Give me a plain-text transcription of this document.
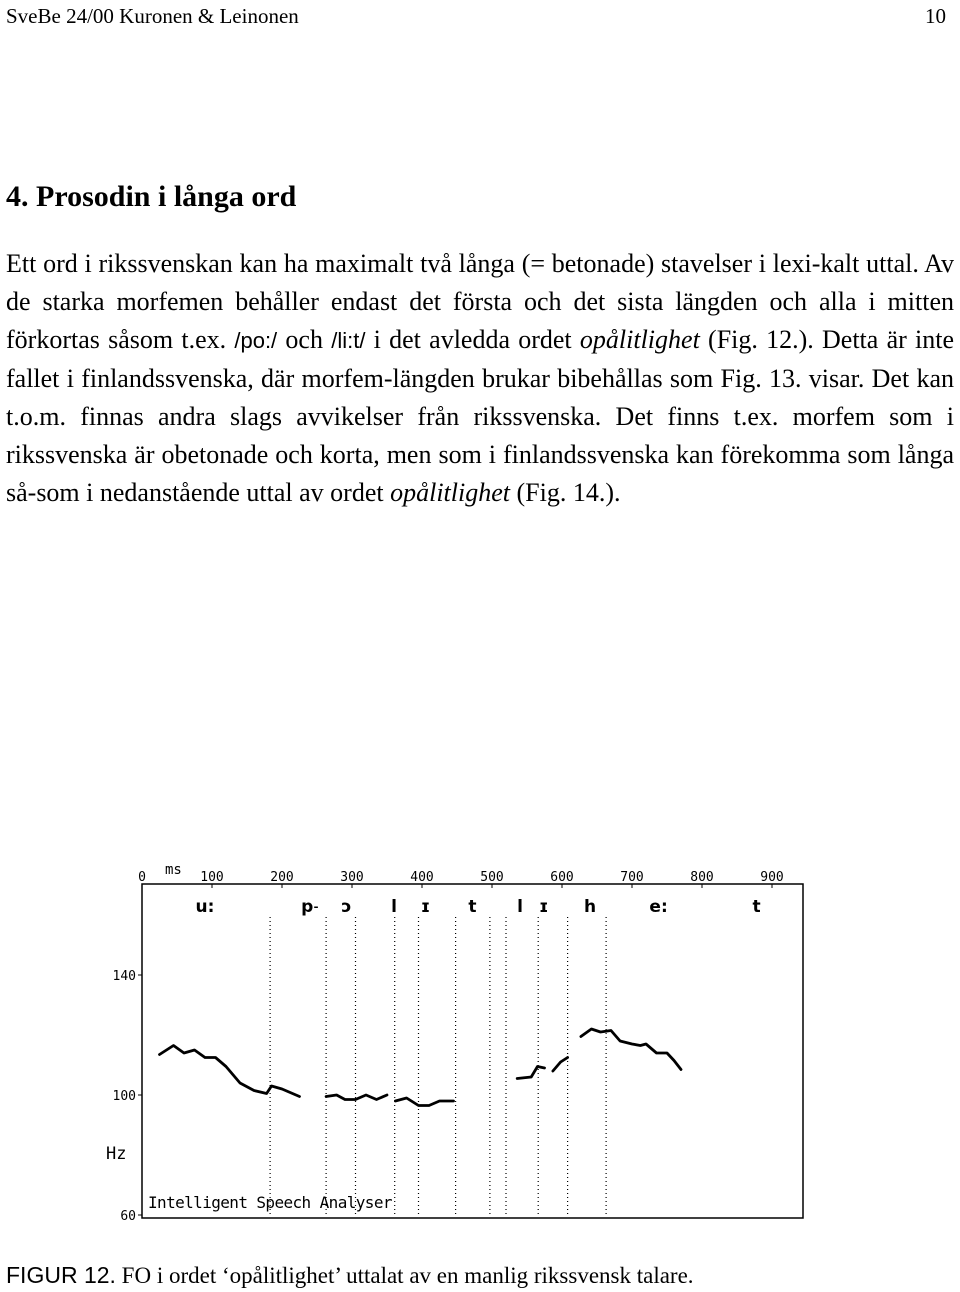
SveBe 24/00 Kuronen & Leinonen	10
4. Prosodin i långa ord

Ett ord i rikssvenskan kan ha maximalt två långa (= betonade) stavelser i lexi-kalt uttal. Av de starka morfemen behåller endast det första och det sista längden och alla i mitten förkortas såsom t.ex. /po:/ och /li:t/ i det avledda ordet opålitlighet (Fig. 12.). Detta är inte fallet i finlandssvenska, där morfem-längden brukar bibehållas som Fig. 13. visar. Det kan t.o.m. finnas andra slags avvikelser från rikssvenska. Det finns t.ex. morfem som i rikssvenska är obetonade och korta, men som i finlandssvenska kan förekomma som långa så-som i nedanstående uttal av ordet opålitlighet (Fig. 14.).

0	100	200	300	400	500	600	700	800	900
ms
140
100
60
Hz
u:	p˗ ɔ l ɪ t l ɪ h	e:	t
Intelligent Speech Analyser
FIGUR 12. FO i ordet ‘opålitlighet’ uttalat av en manlig rikssvensk talare.
